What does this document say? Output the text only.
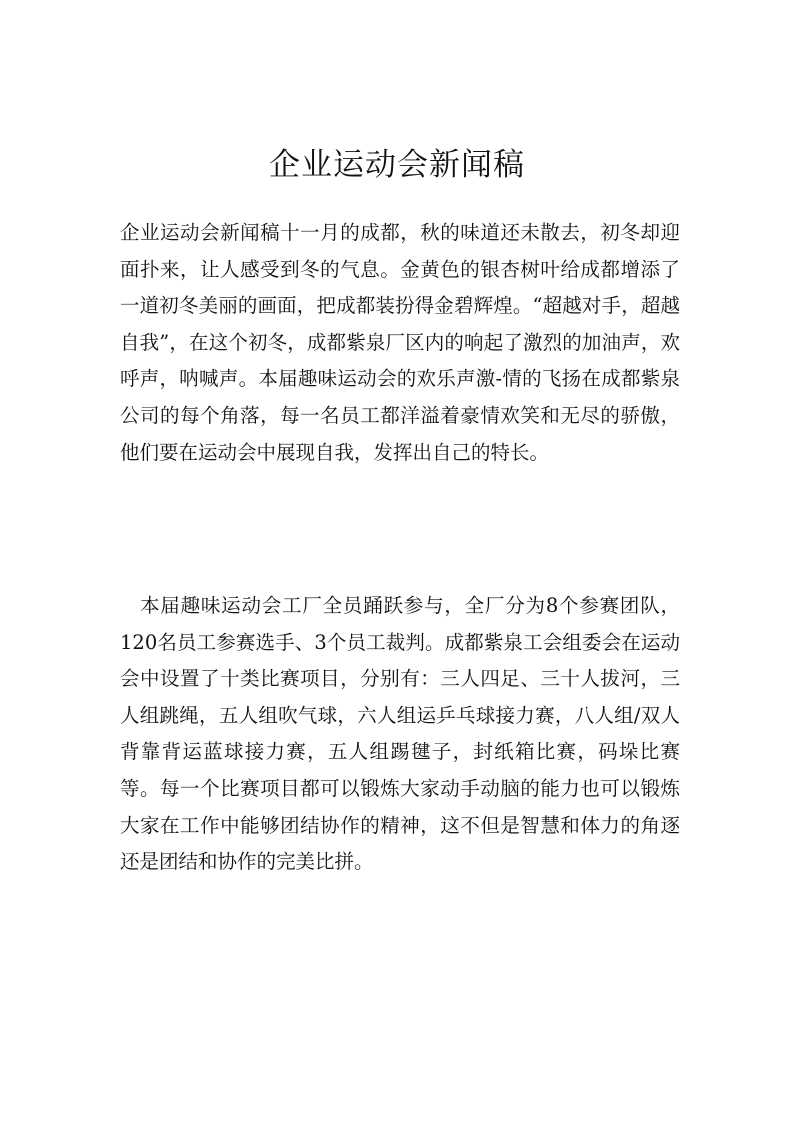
企业运动会新闻稿

企业运动会新闻稿十一月的成都，秋的味道还未散去，初冬却迎面扑来，让人感受到冬的气息。金黄色的银杏树叶给成都增添了一道初冬美丽的画面，把成都装扮得金碧辉煌。“超越对手，超越自我”，在这个初冬，成都紫泉厂区内的响起了激烈的加油声，欢呼声，呐喊声。本届趣味运动会的欢乐声激-情的飞扬在成都紫泉公司的每个角落，每一名员工都洋溢着豪情欢笑和无尽的骄傲，他们要在运动会中展现自我，发挥出自己的特长。

本届趣味运动会工厂全员踊跃参与，全厂分为8个参赛团队，120名员工参赛选手、3个员工裁判。成都紫泉工会组委会在运动会中设置了十类比赛项目，分别有：三人四足、三十人拔河，三人组跳绳，五人组吹气球，六人组运乒乓球接力赛，八人组/双人背靠背运蓝球接力赛，五人组踢毽子，封纸箱比赛，码垛比赛等。每一个比赛项目都可以锻炼大家动手动脑的能力也可以锻炼大家在工作中能够团结协作的精神，这不但是智慧和体力的角逐还是团结和协作的完美比拼。
